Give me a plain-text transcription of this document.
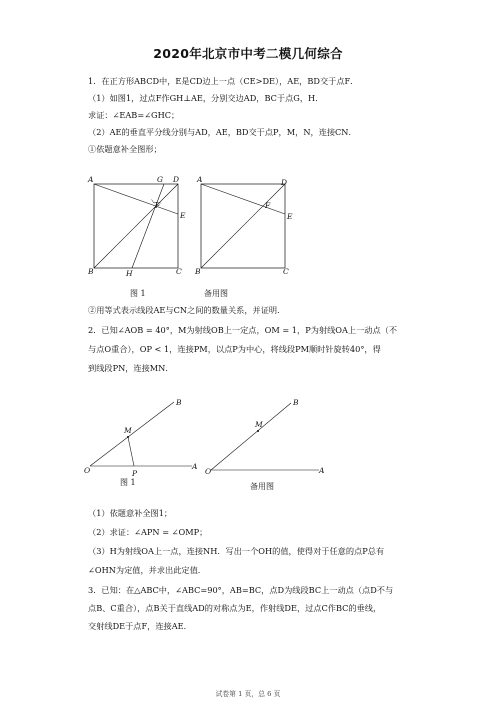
2020年北京市中考二模几何综合
1．在正方形ABCD中，E是CD边上一点（CE>DE），AE，BD交于点F．
（1）如图1，过点F作GH⊥AE，分别交边AD，BC于点G，H．
求证：∠EAB=∠GHC；
（2）AE的垂直平分线分别与AD，AE，BD交于点P，M，N，连接CN．
①依题意补全图形；
A	G D
F
E
B	H	C
图 1
A	D
F
E
B	C
备用图
②用等式表示线段AE与CN之间的数量关系，并证明．
2．已知∠AOB = 40°，M为射线OB上一定点，OM = 1，P为射线OA上一动点（不
与点O重合），OP < 1，连接PM，以点P为中心，将线段PM顺时针旋转40°，得
到线段PN，连接MN．
O	A
B
M
P
图 1
O	A
B
M
备用图
（1）依题意补全图1；
（2）求证：∠APN = ∠OMP；
（3）H为射线OA上一点，连接NH．写出一个OH的值，使得对于任意的点P总有
∠OHN为定值，并求出此定值．
3．已知：在△ABC中，∠ABC=90°，AB=BC，点D为线段BC上一动点（点D不与
点B、C重合），点B关于直线AD的对称点为E，作射线DE，过点C作BC的垂线，
交射线DE于点F，连接AE．
试卷第 1 页，总 6 页
